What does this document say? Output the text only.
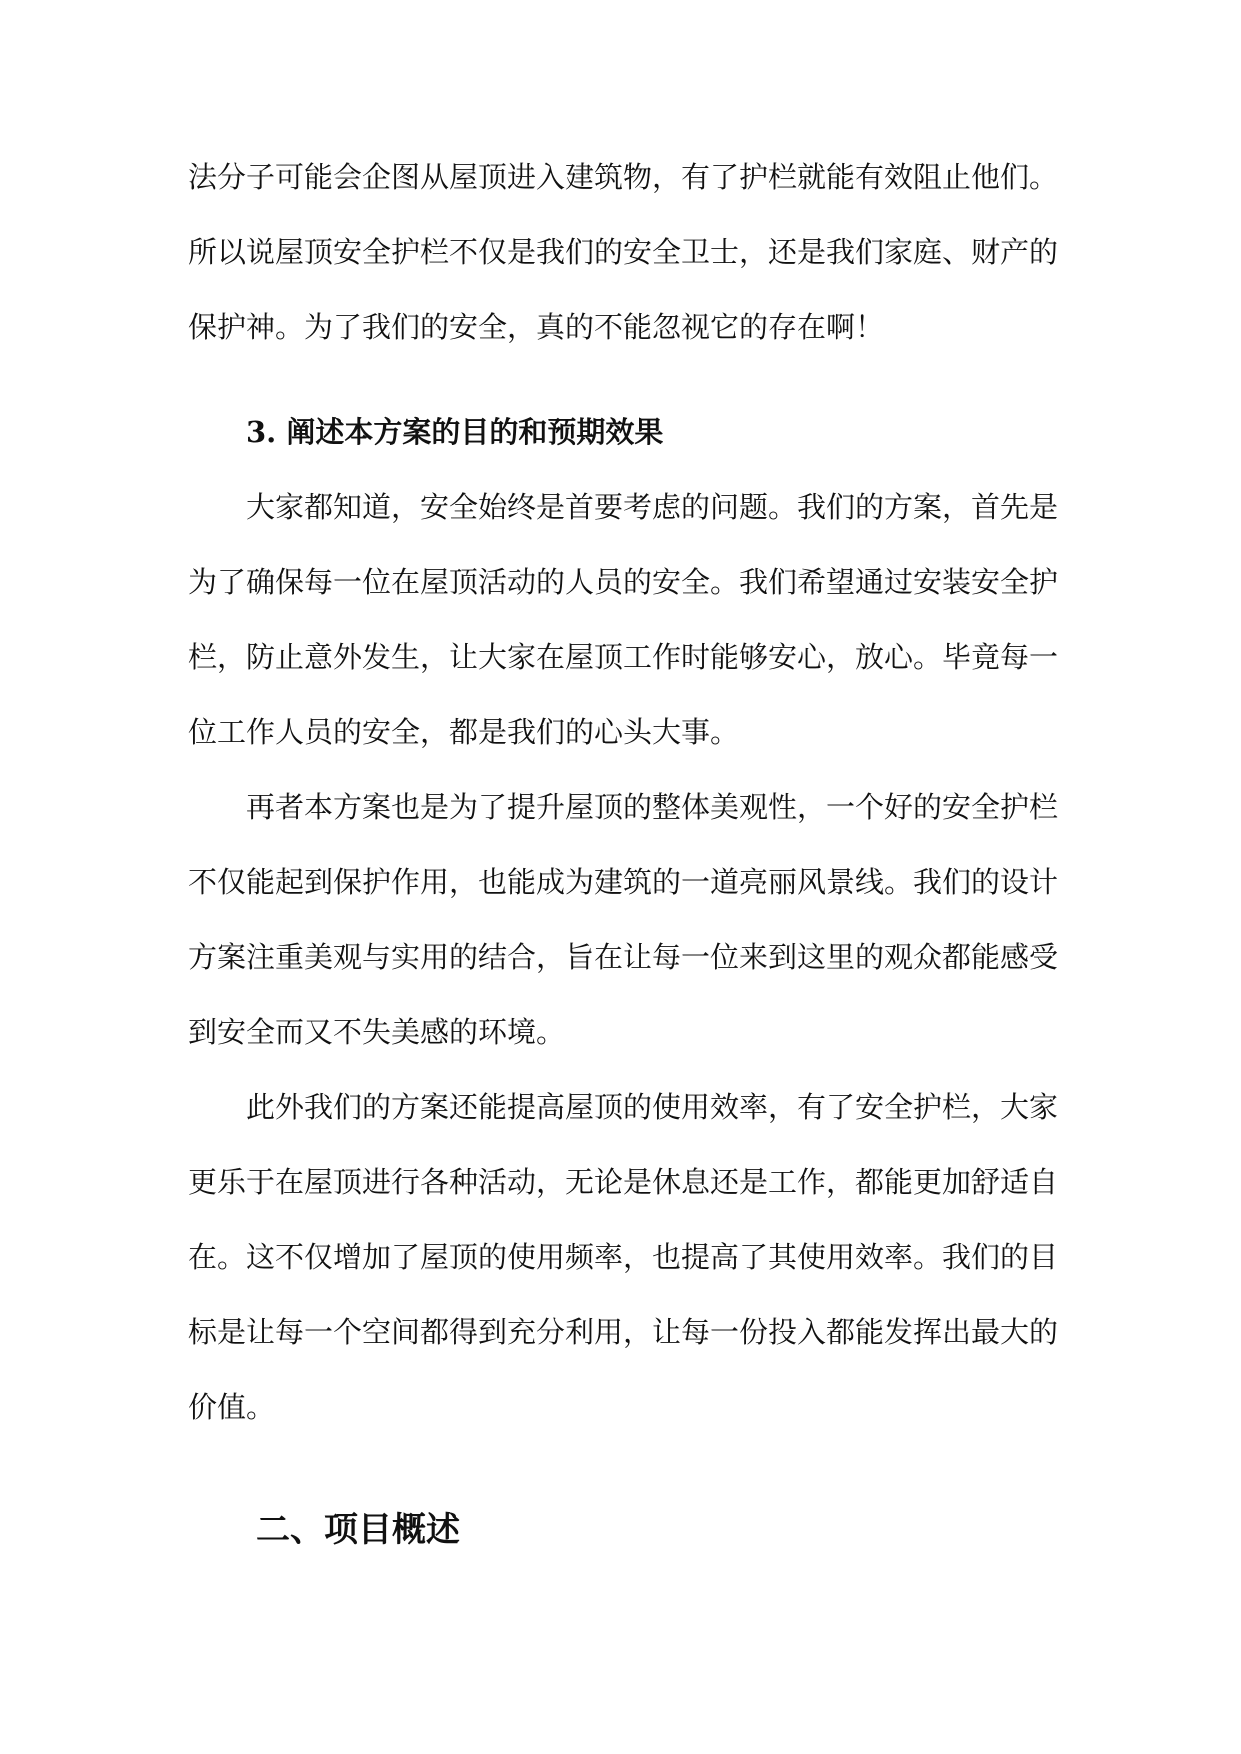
法分子可能会企图从屋顶进入建筑物，有了护栏就能有效阻止他们。所以说屋顶安全护栏不仅是我们的安全卫士，还是我们家庭、财产的保护神。为了我们的安全，真的不能忽视它的存在啊！

3. 阐述本方案的目的和预期效果

大家都知道，安全始终是首要考虑的问题。我们的方案，首先是为了确保每一位在屋顶活动的人员的安全。我们希望通过安装安全护栏，防止意外发生，让大家在屋顶工作时能够安心，放心。毕竟每一位工作人员的安全，都是我们的心头大事。

再者本方案也是为了提升屋顶的整体美观性，一个好的安全护栏不仅能起到保护作用，也能成为建筑的一道亮丽风景线。我们的设计方案注重美观与实用的结合，旨在让每一位来到这里的观众都能感受到安全而又不失美感的环境。

此外我们的方案还能提高屋顶的使用效率，有了安全护栏，大家更乐于在屋顶进行各种活动，无论是休息还是工作，都能更加舒适自在。这不仅增加了屋顶的使用频率，也提高了其使用效率。我们的目标是让每一个空间都得到充分利用，让每一份投入都能发挥出最大的价值。

二、项目概述
